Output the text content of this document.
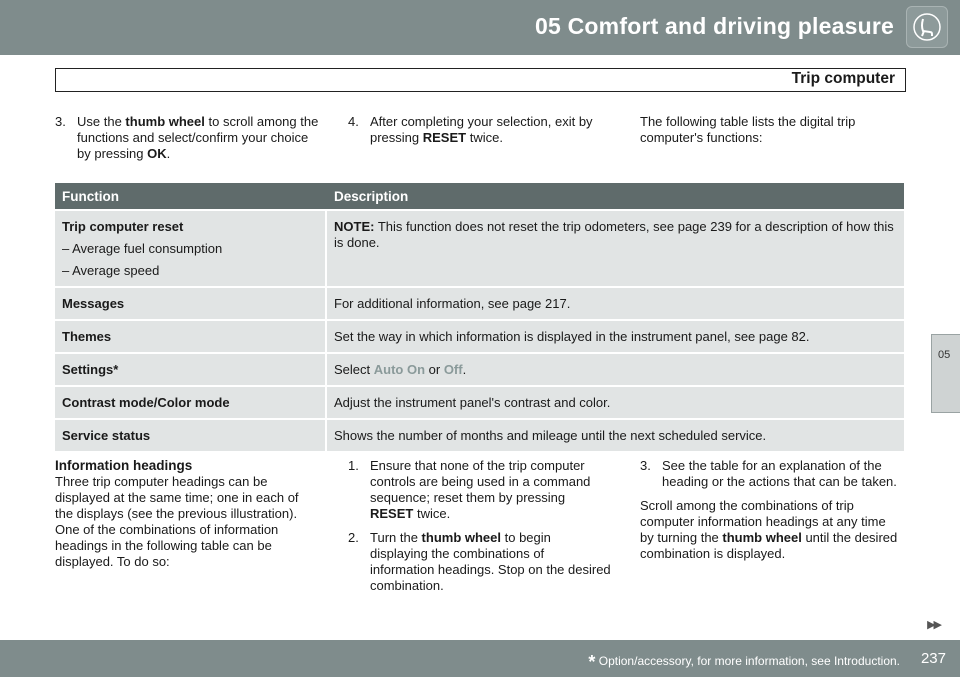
05 Comfort and driving pleasure
Trip computer
05
3. Use the thumb wheel to scroll among the functions and select/confirm your choice by pressing OK.
4. After completing your selection, exit by pressing RESET twice.
The following table lists the digital trip computer's functions:
Function	Description
Trip computer reset
– Average fuel consumption
– Average speed	NOTE: This function does not reset the trip odometers, see page 239 for a description of how this is done.
Messages	For additional information, see page 217.
Themes	Set the way in which information is displayed in the instrument panel, see page 82.
Settings*	Select Auto On or Off.
Contrast mode/Color mode	Adjust the instrument panel's contrast and color.
Service status	Shows the number of months and mileage until the next scheduled service.
Information headings

Three trip computer headings can be displayed at the same time; one in each of the displays (see the previous illustration). One of the combinations of information headings in the following table can be displayed. To do so:

1. Ensure that none of the trip computer controls are being used in a command sequence; reset them by pressing RESET twice.
2. Turn the thumb wheel to begin displaying the combinations of information headings. Stop on the desired combination.
3. See the table for an explanation of the heading or the actions that can be taken.

Scroll among the combinations of trip computer information headings at any time by turning the thumb wheel until the desired combination is displayed.

▶▶
* Option/accessory, for more information, see Introduction. 237
